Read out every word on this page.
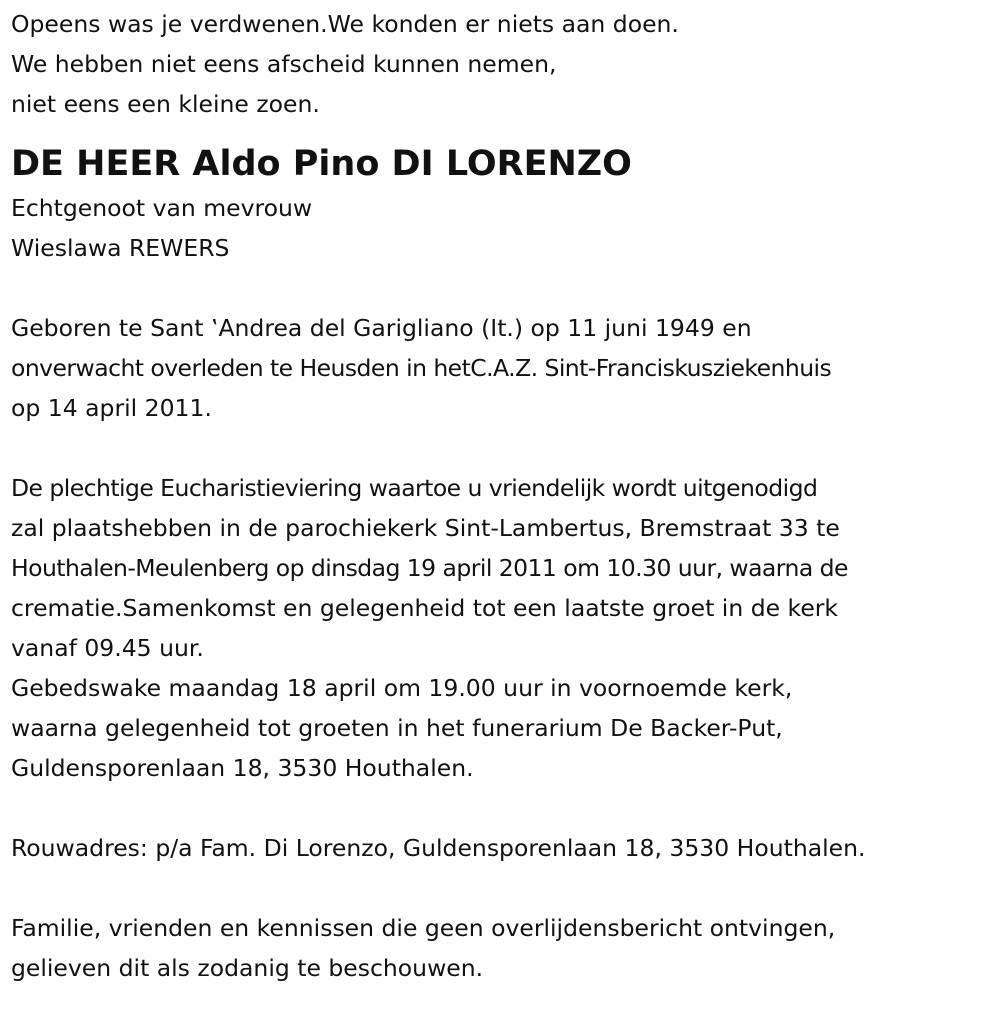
Opeens was je verdwenen.We konden er niets aan doen.
We hebben niet eens afscheid kunnen nemen,
niet eens een kleine zoen.
DE HEER Aldo Pino DI LORENZO
Echtgenoot van mevrouw
Wieslawa REWERS
Geboren te Sant ‛Andrea del Garigliano (It.) op 11 juni 1949 en
onverwacht overleden te Heusden in hetC.A.Z. Sint-Franciskusziekenhuis
op 14 april 2011.
De plechtige Eucharistieviering waartoe u vriendelijk wordt uitgenodigd
zal plaatshebben in de parochiekerk Sint-Lambertus, Bremstraat 33 te
Houthalen-Meulenberg op dinsdag 19 april 2011 om 10.30 uur, waarna de
crematie.Samenkomst en gelegenheid tot een laatste groet in de kerk
vanaf 09.45 uur.
Gebedswake maandag 18 april om 19.00 uur in voornoemde kerk,
waarna gelegenheid tot groeten in het funerarium De Backer-Put,
Guldensporenlaan 18, 3530 Houthalen.
Rouwadres: p/a Fam. Di Lorenzo, Guldensporenlaan 18, 3530 Houthalen.
Familie, vrienden en kennissen die geen overlijdensbericht ontvingen,
gelieven dit als zodanig te beschouwen.
